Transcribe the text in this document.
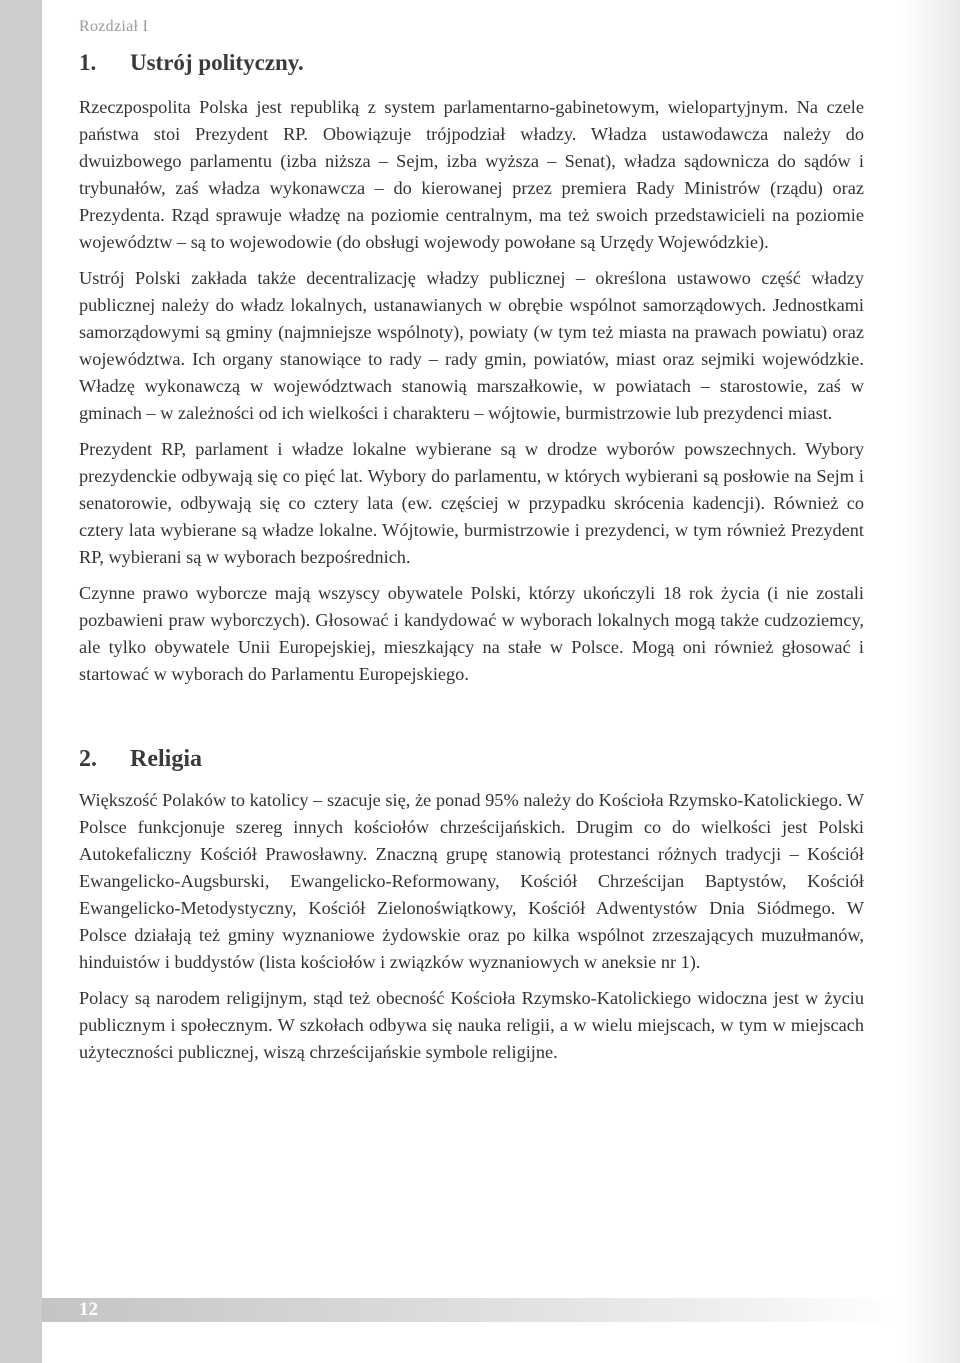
Rozdział I
1.	Ustrój polityczny.

Rzeczpospolita Polska jest republiką z system parlamentarno-gabinetowym, wielopartyjnym. Na czele państwa stoi Prezydent RP. Obowiązuje trójpodział władzy. Władza ustawodawcza należy do dwuizbowego parlamentu (izba niższa – Sejm, izba wyższa – Senat), władza sądownicza do sądów i trybunałów, zaś władza wykonawcza – do kierowanej przez premiera Rady Ministrów (rządu) oraz Prezydenta. Rząd sprawuje władzę na poziomie centralnym, ma też swoich przedstawicieli na poziomie województw – są to wojewodowie (do obsługi wojewody powołane są Urzędy Wojewódzkie).

Ustrój Polski zakłada także decentralizację władzy publicznej – określona ustawowo część władzy publicznej należy do władz lokalnych, ustanawianych w obrębie wspólnot samorządowych. Jednostkami samorządowymi są gminy (najmniejsze wspólnoty), powiaty (w tym też miasta na prawach powiatu) oraz województwa. Ich organy stanowiące to rady – rady gmin, powiatów, miast oraz sejmiki wojewódzkie. Władzę wykonawczą w województwach stanowią marszałkowie, w powiatach – starostowie, zaś w gminach – w zależności od ich wielkości i charakteru – wójtowie, burmistrzowie lub prezydenci miast.

Prezydent RP, parlament i władze lokalne wybierane są w drodze wyborów powszechnych. Wybory prezydenckie odbywają się co pięć lat. Wybory do parlamentu, w których wybierani są posłowie na Sejm i senatorowie, odbywają się co cztery lata (ew. częściej w przypadku skrócenia kadencji). Również co cztery lata wybierane są władze lokalne. Wójtowie, burmistrzowie i prezydenci, w tym również Prezydent RP, wybierani są w wyborach bezpośrednich.

Czynne prawo wyborcze mają wszyscy obywatele Polski, którzy ukończyli 18 rok życia (i nie zostali pozbawieni praw wyborczych). Głosować i kandydować w wyborach lokalnych mogą także cudzoziemcy, ale tylko obywatele Unii Europejskiej, mieszkający na stałe w Polsce. Mogą oni również głosować i startować w wyborach do Parlamentu Europejskiego.

2.	Religia

Większość Polaków to katolicy – szacuje się, że ponad 95% należy do Kościoła Rzymsko-Katolickiego. W Polsce funkcjonuje szereg innych kościołów chrześcijańskich. Drugim co do wielkości jest Polski Autokefaliczny Kościół Prawosławny. Znaczną grupę stanowią protestanci różnych tradycji – Kościół Ewangelicko-Augsburski, Ewangelicko-Reformowany, Kościół Chrześcijan Baptystów, Kościół Ewangelicko-Metodystyczny, Kościół Zielonoświątkowy, Kościół Adwentystów Dnia Siódmego. W Polsce działają też gminy wyznaniowe żydowskie oraz po kilka wspólnot zrzeszających muzułmanów, hinduistów i buddystów (lista kościołów i związków wyznaniowych w aneksie nr 1).

Polacy są narodem religijnym, stąd też obecność Kościoła Rzymsko-Katolickiego widoczna jest w życiu publicznym i społecznym. W szkołach odbywa się nauka religii, a w wielu miejscach, w tym w miejscach użyteczności publicznej, wiszą chrześcijańskie symbole religijne.

12
